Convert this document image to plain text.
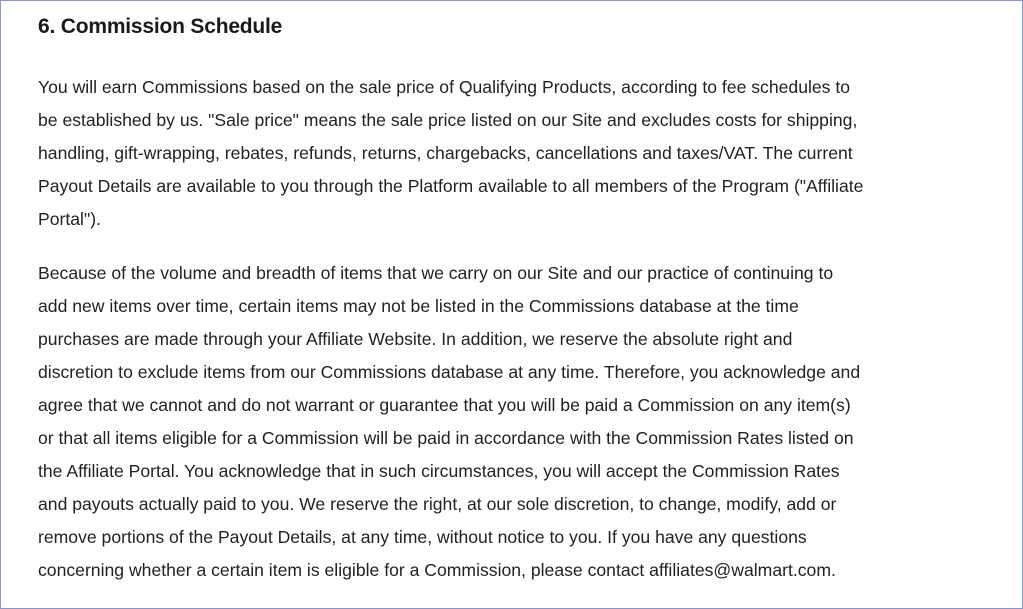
6. Commission Schedule

You will earn Commissions based on the sale price of Qualifying Products, according to fee schedules to
be established by us. "Sale price" means the sale price listed on our Site and excludes costs for shipping,
handling, gift-wrapping, rebates, refunds, returns, chargebacks, cancellations and taxes/VAT. The current
Payout Details are available to you through the Platform available to all members of the Program ("Affiliate
Portal").

Because of the volume and breadth of items that we carry on our Site and our practice of continuing to
add new items over time, certain items may not be listed in the Commissions database at the time
purchases are made through your Affiliate Website. In addition, we reserve the absolute right and
discretion to exclude items from our Commissions database at any time. Therefore, you acknowledge and
agree that we cannot and do not warrant or guarantee that you will be paid a Commission on any item(s)
or that all items eligible for a Commission will be paid in accordance with the Commission Rates listed on
the Affiliate Portal. You acknowledge that in such circumstances, you will accept the Commission Rates
and payouts actually paid to you. We reserve the right, at our sole discretion, to change, modify, add or
remove portions of the Payout Details, at any time, without notice to you. If you have any questions
concerning whether a certain item is eligible for a Commission, please contact affiliates@walmart.com.
